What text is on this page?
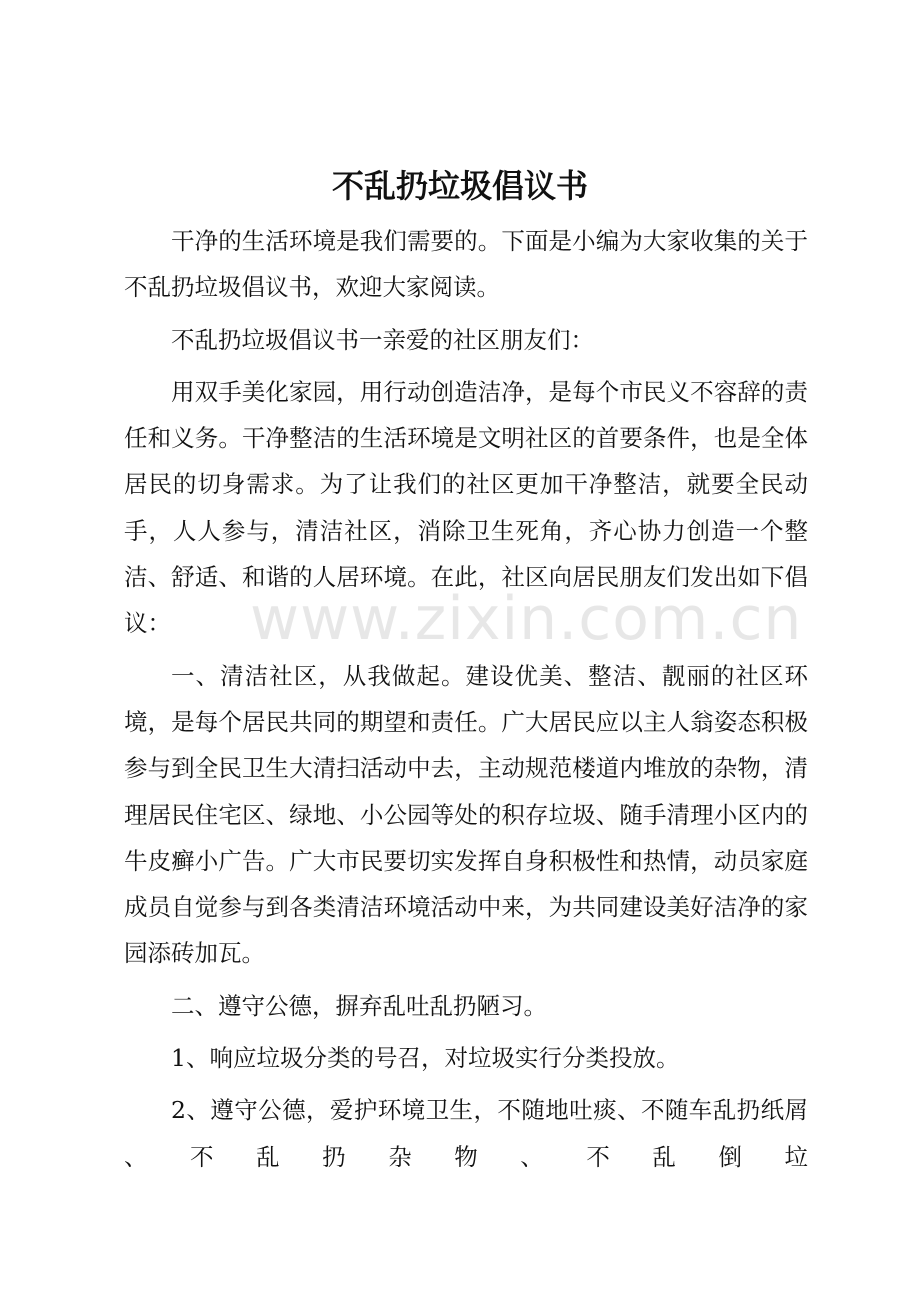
不乱扔垃圾倡议书

干净的生活环境是我们需要的。下面是小编为大家收集的关于不乱扔垃圾倡议书，欢迎大家阅读。

不乱扔垃圾倡议书一亲爱的社区朋友们：

用双手美化家园，用行动创造洁净，是每个市民义不容辞的责任和义务。干净整洁的生活环境是文明社区的首要条件，也是全体居民的切身需求。为了让我们的社区更加干净整洁，就要全民动手，人人参与，清洁社区，消除卫生死角，齐心协力创造一个整洁、舒适、和谐的人居环境。在此，社区向居民朋友们发出如下倡议：

一、清洁社区，从我做起。建设优美、整洁、靓丽的社区环境，是每个居民共同的期望和责任。广大居民应以主人翁姿态积极参与到全民卫生大清扫活动中去，主动规范楼道内堆放的杂物，清理居民住宅区、绿地、小公园等处的积存垃圾、随手清理小区内的牛皮癣小广告。广大市民要切实发挥自身积极性和热情，动员家庭成员自觉参与到各类清洁环境活动中来，为共同建设美好洁净的家园添砖加瓦。

二、遵守公德，摒弃乱吐乱扔陋习。

1、响应垃圾分类的号召，对垃圾实行分类投放。

2、遵守公德，爱护环境卫生，不随地吐痰、不随车乱扔纸屑 、 不 乱 扔 杂 物 、 不 乱 倒 垃

www.zixin.com.cn
